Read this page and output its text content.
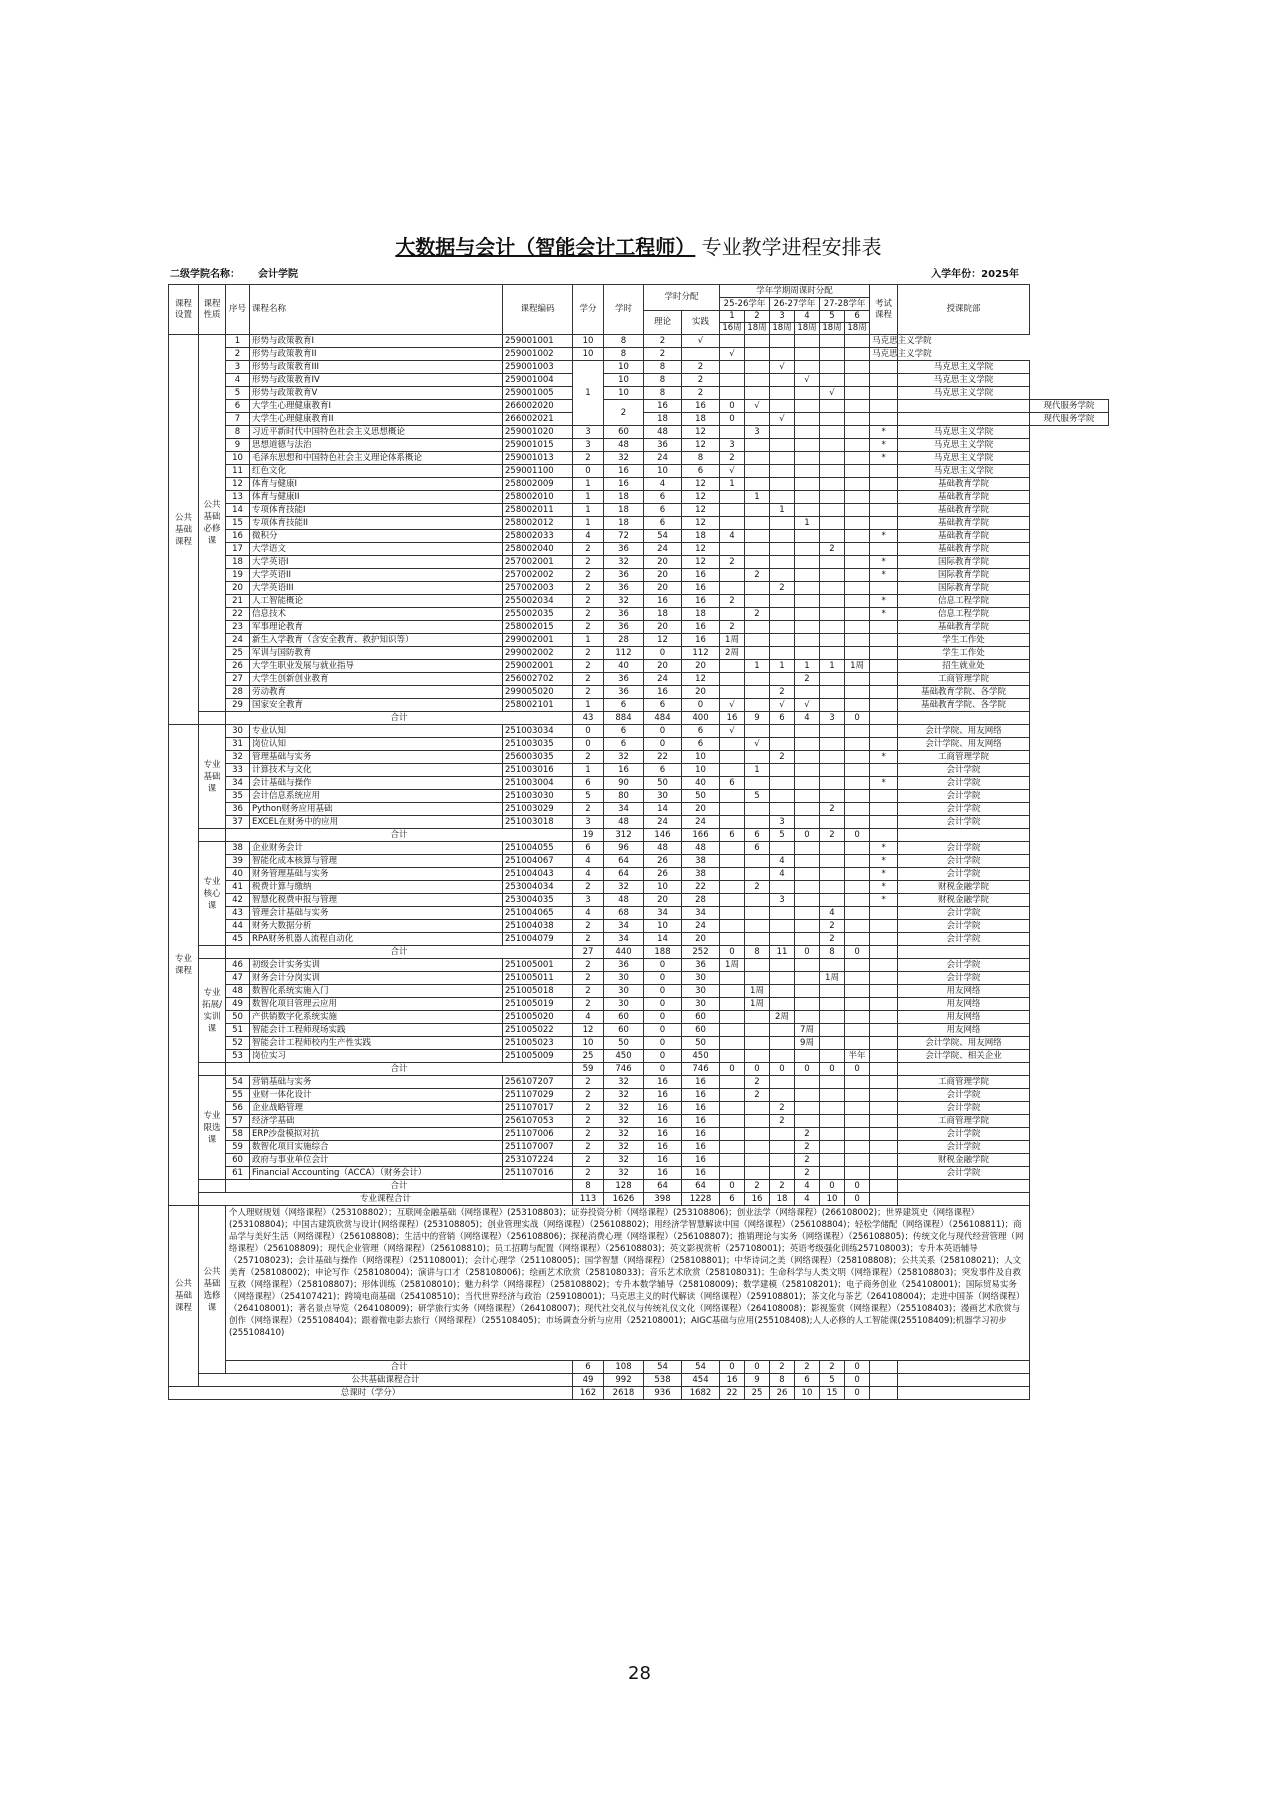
大数据与会计（智能会计工程师） 专业教学进程安排表
二级学院名称： 会计学院	入学年份：2025年
课程设置	课程性质	序号	课程名称	课程编码	学分	学时	学时分配		学年学期周课时分配						考试课程	授课院部	
									25-26学年		26-27学年		27-28学年				
							理论	实践	1	2	3	4	5	6			
									16周	18周	18周	18周	18周	18周			
公共基础课程	公共基础必修课	1	形势与政策教育I	259001001	10	8	2	√							马克思主义学院		
		2	形势与政策教育II	259001002	10	8	2		√						马克思主义学院		
		3	形势与政策教育III	259001003	1	10	8	2			√					马克思主义学院	
		4	形势与政策教育IV	259001004		10	8	2				√				马克思主义学院	
		5	形势与政策教育V	259001005		10	8	2					√			马克思主义学院	
		6	大学生心理健康教育I	266002020		2	16	16	0	√							现代服务学院
		7	大学生心理健康教育II	266002021			18	18	0		√						现代服务学院
		8	习近平新时代中国特色社会主义思想概论	259001020	3	60	48	12		3					*	马克思主义学院	
		9	思想道德与法治	259001015	3	48	36	12	3						*	马克思主义学院	
		10	毛泽东思想和中国特色社会主义理论体系概论	259001013	2	32	24	8	2						*	马克思主义学院	
		11	红色文化	259001100	0	16	10	6	√							马克思主义学院	
		12	体育与健康I	258002009	1	16	4	12	1							基础教育学院	
		13	体育与健康II	258002010	1	18	6	12		1						基础教育学院	
		14	专项体育技能I	258002011	1	18	6	12			1					基础教育学院	
		15	专项体育技能II	258002012	1	18	6	12				1				基础教育学院	
		16	微积分	258002033	4	72	54	18	4						*	基础教育学院	
		17	大学语文	258002040	2	36	24	12					2			基础教育学院	
		18	大学英语I	257002001	2	32	20	12	2						*	国际教育学院	
		19	大学英语II	257002002	2	36	20	16		2					*	国际教育学院	
		20	大学英语III	257002003	2	36	20	16			2					国际教育学院	
		21	人工智能概论	255002034	2	32	16	16	2						*	信息工程学院	
		22	信息技术	255002035	2	36	18	18		2					*	信息工程学院	
		23	军事理论教育	258002015	2	36	20	16	2							基础教育学院	
		24	新生入学教育（含安全教育、救护知识等）	299002001	1	28	12	16	1周							学生工作处	
		25	军训与国防教育	299002002	2	112	0	112	2周							学生工作处	
		26	大学生职业发展与就业指导	259002001	2	40	20	20		1	1	1	1	1周		招生就业处	
		27	大学生创新创业教育	256002702	2	36	24	12				2				工商管理学院	
		28	劳动教育	299005020	2	36	16	20			2					基础教育学院、各学院	
		29	国家安全教育	258002101	1	6	6	0	√		√	√				基础教育学院、各学院	
		合计			43	884	484	400	16	9	6	4	3	0			
专业课程	专业基础课	30	专业认知	251003034	0	6	0	6	√							会计学院、用友网络	
		31	岗位认知	251003035	0	6	0	6		√						会计学院、用友网络	
		32	管理基础与实务	256003035	2	32	22	10			2				*	工商管理学院	
		33	计算技术与文化	251003016	1	16	6	10		1						会计学院	
		34	会计基础与操作	251003004	6	90	50	40	6						*	会计学院	
		35	会计信息系统应用	251003030	5	80	30	50		5						会计学院	
		36	Python财务应用基础	251003029	2	34	14	20					2			会计学院	
		37	EXCEL在财务中的应用	251003018	3	48	24	24			3					会计学院	
		合计			19	312	146	166	6	6	5	0	2	0			
	专业核心课	38	企业财务会计	251004055	6	96	48	48		6					*	会计学院	
		39	智能化成本核算与管理	251004067	4	64	26	38			4				*	会计学院	
		40	财务管理基础与实务	251004043	4	64	26	38			4				*	会计学院	
		41	税费计算与缴纳	253004034	2	32	10	22		2					*	财税金融学院	
		42	智慧化税费申报与管理	253004035	3	48	20	28			3				*	财税金融学院	
		43	管理会计基础与实务	251004065	4	68	34	34					4			会计学院	
		44	财务大数据分析	251004038	2	34	10	24					2			会计学院	
		45	RPA财务机器人流程自动化	251004079	2	34	14	20					2			会计学院	
		合计			27	440	188	252	0	8	11	0	8	0			
	专业拓展/实训课	46	初级会计实务实训	251005001	2	36	0	36	1周							会计学院	
		47	财务会计分岗实训	251005011	2	30	0	30					1周			会计学院	
		48	数智化系统实施入门	251005018	2	30	0	30		1周						用友网络	
		49	数智化项目管理云应用	251005019	2	30	0	30		1周						用友网络	
		50	产供销数字化系统实施	251005020	4	60	0	60			2周					用友网络	
		51	智能会计工程师现场实践	251005022	12	60	0	60				7周				用友网络	
		52	智能会计工程师校内生产性实践	251005023	10	50	0	50				9周				会计学院、用友网络	
		53	岗位实习	251005009	25	450	0	450						半年		会计学院、相关企业	
		合计			59	746	0	746	0	0	0	0	0	0			
	专业限选课	54	营销基础与实务	256107207	2	32	16	16		2						工商管理学院	
		55	业财一体化设计	251107029	2	32	16	16		2						会计学院	
		56	企业战略管理	251107017	2	32	16	16			2					会计学院	
		57	经济学基础	256107053	2	32	16	16			2					工商管理学院	
		58	ERP沙盘模拟对抗	251107006	2	32	16	16				2				会计学院	
		59	数智化项目实施综合	251107007	2	32	16	16				2				会计学院	
		60	政府与事业单位会计	253107224	2	32	16	16				2				财税金融学院	
		61	Financial Accounting（ACCA）（财务会计）	251107016	2	32	16	16				2				会计学院	
		合计			8	128	64	64	0	2	2	4	0	0			
	专业课程合计				113	1626	398	1228	6	16	18	4	10	0			
公共基础课程	公共基础选修课	个人理财规划（网络课程）（253108802）；互联网金融基础（网络课程）(253108803)；证券投资分析（网络课程）(253108806)；创业法学（网络课程）(266108002)；世界建筑史（网络课程）(253108804)；中国古建筑欣赏与设计(网络课程）(253108805)；创业管理实战（网络课程）（256108802)；用经济学智慧解读中国（网络课程）（256108804)；轻松学储配（网络课程）（256108811)；商品学与美好生活（网络课程）（256108808)；生活中的营销（网络课程）（256108806)；探秘消费心理（网络课程）（256108807)；推销理论与实务（网络课程）（256108805)；传统文化与现代经营管理（网络课程）（256108809)；现代企业管理（网络课程）（256108810)；员工招聘与配置（网络课程）（256108803)；英文影视赏析（257108001)；英语考级强化训练257108003)；专升本英语辅导（257108023)；会计基础与操作（网络课程）（251108001)；会计心理学（251108005)；国学智慧（网络课程）（258108801)；中华诗词之美（网络课程）（258108808)；公共关系（258108021)；人文美育（258108002)；申论写作（258108004)；演讲与口才（258108006)；绘画艺术欣赏（258108033)；音乐艺术欣赏（258108031)；生命科学与人类文明（网络课程）（258108803)；突发事件及自救互救（网络课程）（258108807)；形体训练（258108010)；魅力科学（网络课程）（258108802)；专升本数学辅导（258108009)；数学建模（258108201)；电子商务创业（254108001)；国际贸易实务（网络课程）（254107421)；跨境电商基础（254108510)；当代世界经济与政治（259108001)；马克思主义的时代解读（网络课程）（259108801)；茶文化与茶艺（264108004)；走进中国茶（网络课程）（264108001)；著名景点导览（264108009)；研学旅行实务（网络课程）（264108007)；现代社交礼仪与传统礼仪文化（网络课程）（264108008)；影视鉴赏（网络课程）（255108403)；漫画艺术欣赏与创作（网络课程）（255108404)；跟着微电影去旅行（网络课程）（255108405)；市场调查分析与应用（252108001)；AIGC基础与应用(255108408);人人必修的人工智能课(255108409);机器学习初步(255108410)															
		合计			6	108	54	54	0	0	2	2	2	0			
	公共基础课程合计				49	992	538	454	16	9	8	6	5	0			
总课时（学分）					162	2618	936	1682	22	25	26	10	15	0			
28
